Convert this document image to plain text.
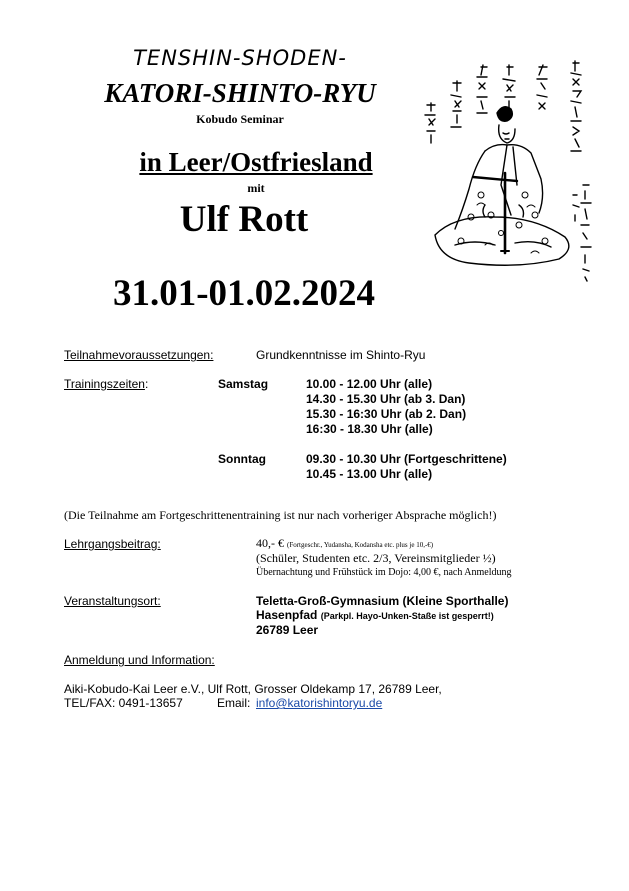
TENSHIN-SHODEN-
KATORI-SHINTO-RYU
Kobudo Seminar
in Leer/Ostfriesland
mit
Ulf Rott
31.01-01.02.2024
Teilnahmevoraussetzungen:	Grundkenntnisse im Shinto-Ryu
Trainingszeiten:	Samstag	10.00 - 12.00 Uhr (alle)
14.30 - 15.30 Uhr (ab 3. Dan)
15.30 - 16:30 Uhr (ab 2. Dan)
16:30 - 18.30 Uhr (alle)
Sonntag	09.30 - 10.30 Uhr (Fortgeschrittene)
10.45 - 13.00 Uhr (alle)
(Die Teilnahme am Fortgeschrittenentraining ist nur nach vorheriger Absprache möglich!)
Lehrgangsbeitrag:	40,- € (Fortgeschr., Yudansha, Kodansha etc. plus je 10,-€)
(Schüler, Studenten etc. 2/3, Vereinsmitglieder ½)
Übernachtung und Frühstück im Dojo: 4,00 €, nach Anmeldung
Veranstaltungsort:	Teletta-Groß-Gymnasium (Kleine Sporthalle)
Hasenpfad (Parkpl. Hayo-Unken-Staße ist gesperrt!)
26789 Leer
Anmeldung und Information:
Aiki-Kobudo-Kai Leer e.V., Ulf Rott, Grosser Oldekamp 17, 26789 Leer,
TEL/FAX: 0491-13657	Email: info@katorishintoryu.de
